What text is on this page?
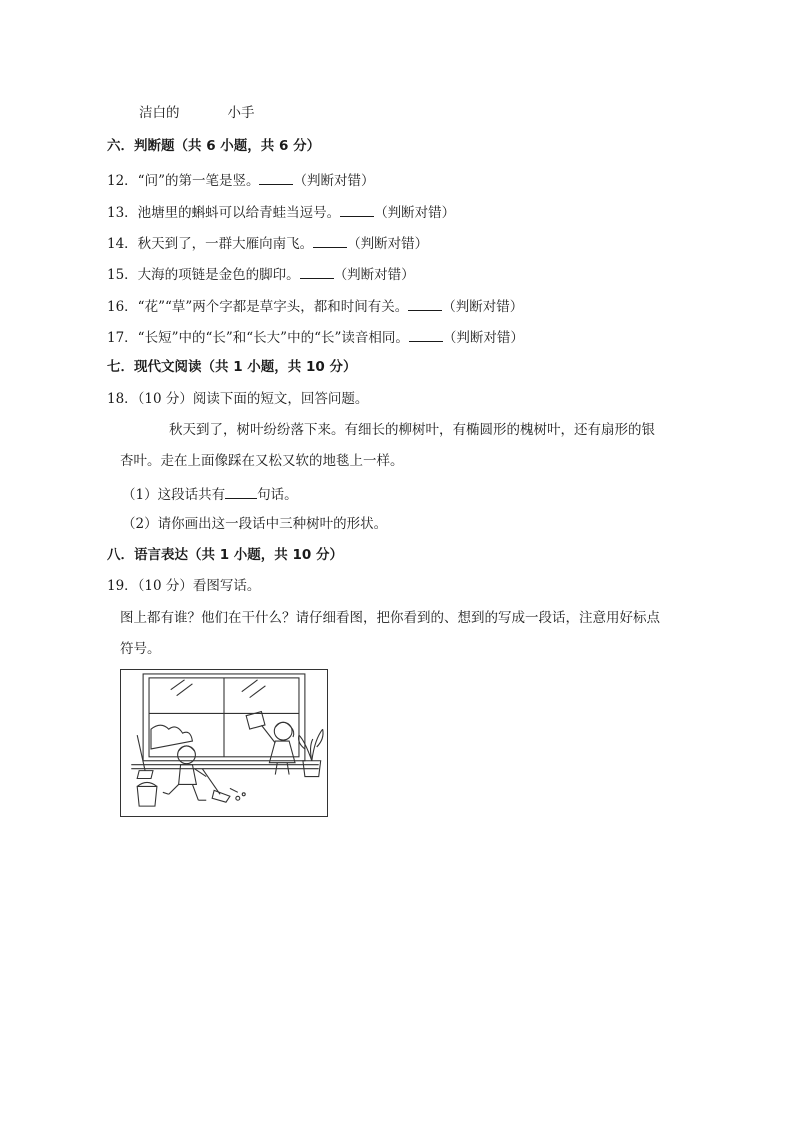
洁白的	小手
六．判断题（共 6 小题，共 6 分）
12．“问”的第一笔是竖。	（判断对错）
13．池塘里的蝌蚪可以给青蛙当逗号。	（判断对错）
14．秋天到了，一群大雁向南飞。	（判断对错）
15．大海的项链是金色的脚印。	（判断对错）
16．“花”“草”两个字都是草字头，都和时间有关。	（判断对错）
17．“长短”中的“长”和“长大”中的“长”读音相同。	（判断对错）
七．现代文阅读（共 1 小题，共 10 分）
18．（10 分）阅读下面的短文，回答问题。
秋天到了，树叶纷纷落下来。有细长的柳树叶，有椭圆形的槐树叶，还有扇形的银
杏叶。走在上面像踩在又松又软的地毯上一样。
（1）这段话共有 句话。
（2）请你画出这一段话中三种树叶的形状。
八．语言表达（共 1 小题，共 10 分）
19．（10 分）看图写话。
图上都有谁？他们在干什么？请仔细看图，把你看到的、想到的写成一段话，注意用好标点
符号。
